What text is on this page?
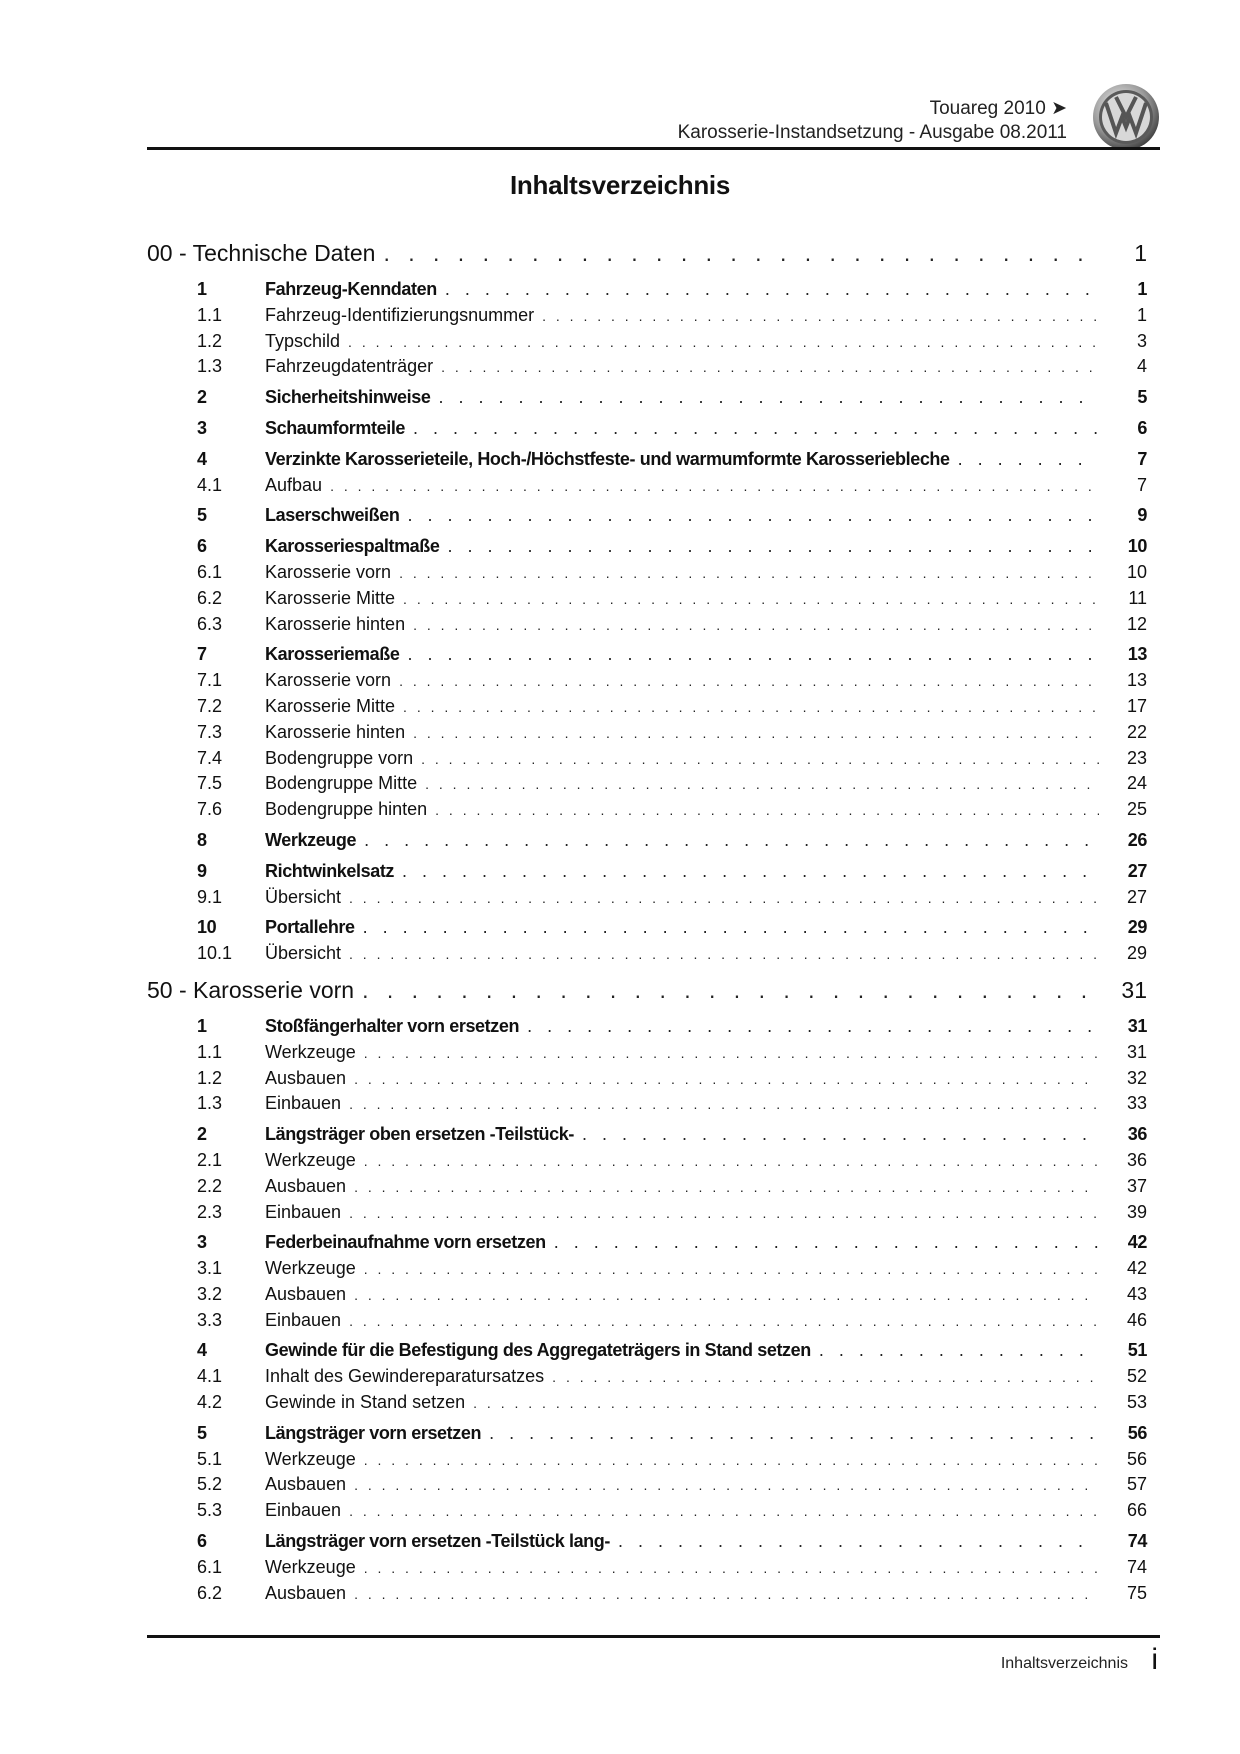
Touareg 2010 ➤
Karosserie-Instandsetzung - Ausgabe 08.2011
Inhaltsverzeichnis
00 - Technische Daten . . .	1
1	Fahrzeug-Kenndaten . . .	1
1.1	Fahrzeug-Identifizierungsnummer . . .	1
1.2	Typschild . . .	3
1.3	Fahrzeugdatenträger . . .	4
2	Sicherheitshinweise . . .	5
3	Schaumformteile . . .	6
4	Verzinkte Karosserieteile, Hoch-/Höchstfeste- und warmumformte Karosseriebleche . . .	7
4.1	Aufbau . . .	7
5	Laserschweißen . . .	9
6	Karosseriespaltmaße . . .	10
6.1	Karosserie vorn . . .	10
6.2	Karosserie Mitte . . .	11
6.3	Karosserie hinten . . .	12
7	Karosseriemaße . . .	13
7.1	Karosserie vorn . . .	13
7.2	Karosserie Mitte . . .	17
7.3	Karosserie hinten . . .	22
7.4	Bodengruppe vorn . . .	23
7.5	Bodengruppe Mitte . . .	24
7.6	Bodengruppe hinten . . .	25
8	Werkzeuge . . .	26
9	Richtwinkelsatz . . .	27
9.1	Übersicht . . .	27
10	Portallehre . . .	29
10.1	Übersicht . . .	29
50 - Karosserie vorn . . .	31
1	Stoßfängerhalter vorn ersetzen . . .	31
1.1	Werkzeuge . . .	31
1.2	Ausbauen . . .	32
1.3	Einbauen . . .	33
2	Längsträger oben ersetzen -Teilstück- . . .	36
2.1	Werkzeuge . . .	36
2.2	Ausbauen . . .	37
2.3	Einbauen . . .	39
3	Federbeinaufnahme vorn ersetzen . . .	42
3.1	Werkzeuge . . .	42
3.2	Ausbauen . . .	43
3.3	Einbauen . . .	46
4	Gewinde für die Befestigung des Aggregateträgers in Stand setzen . . .	51
4.1	Inhalt des Gewindereparatursatzes . . .	52
4.2	Gewinde in Stand setzen . . .	53
5	Längsträger vorn ersetzen . . .	56
5.1	Werkzeuge . . .	56
5.2	Ausbauen . . .	57
5.3	Einbauen . . .	66
6	Längsträger vorn ersetzen -Teilstück lang- . . .	74
6.1	Werkzeuge . . .	74
6.2	Ausbauen . . .	75
Inhaltsverzeichnis i
